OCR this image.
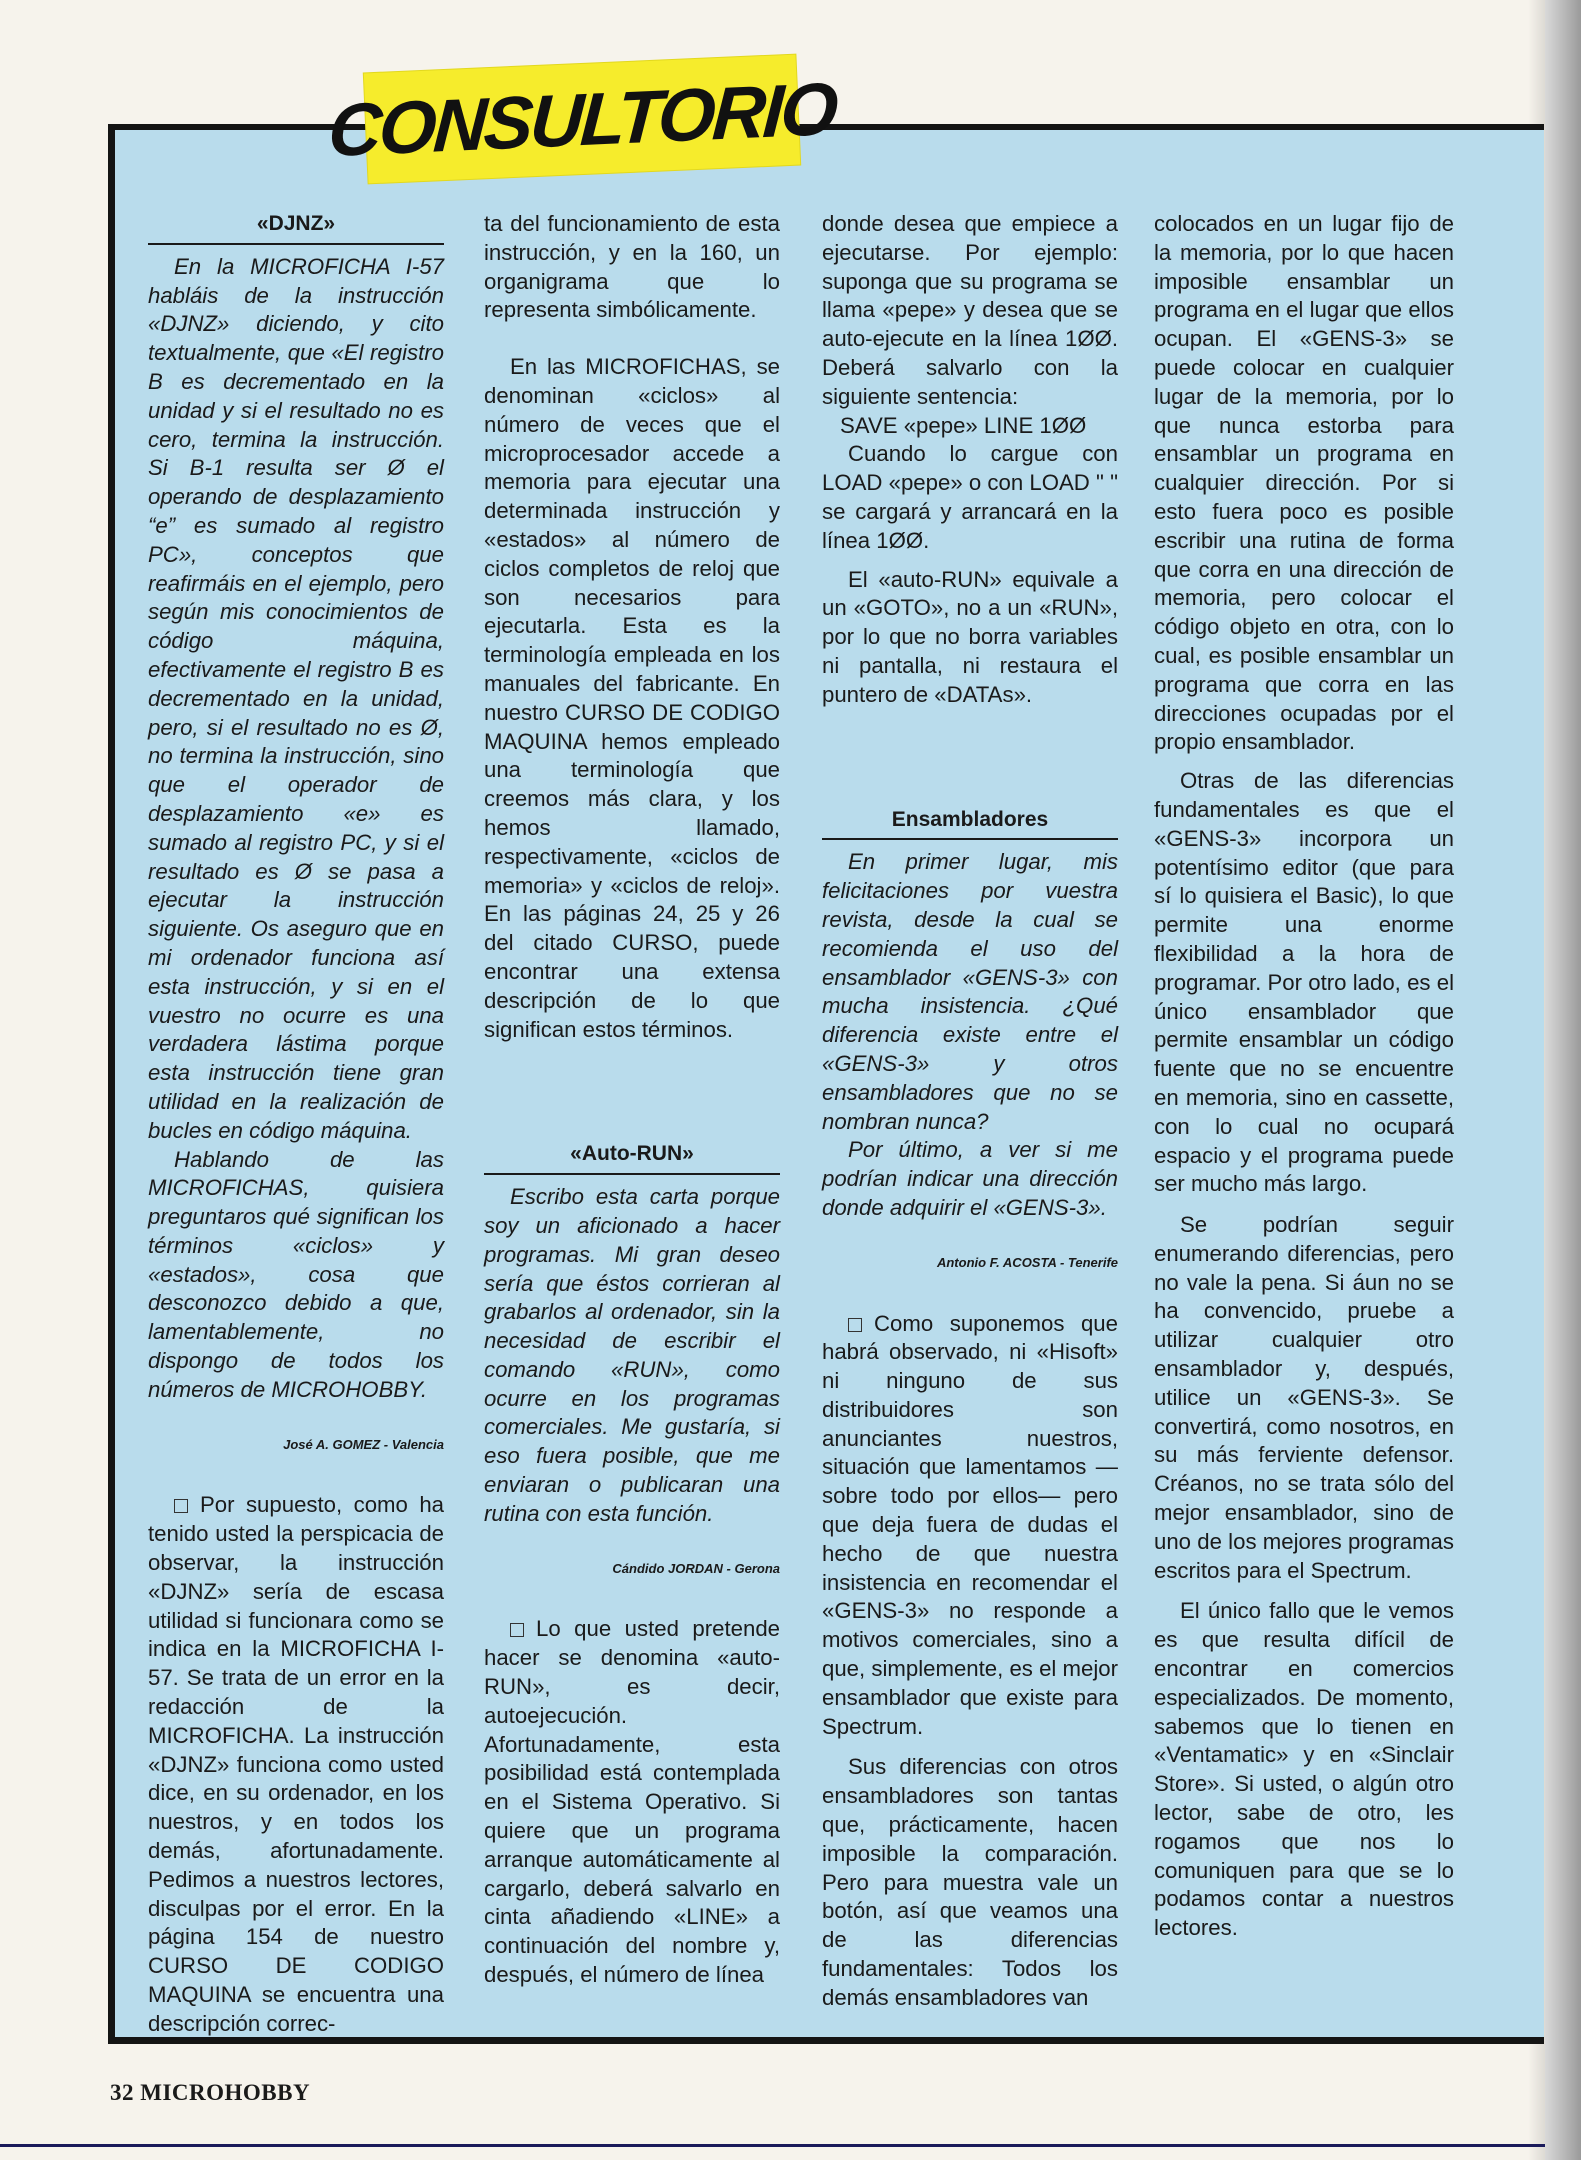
CONSULTORIO
«DJNZ»

En la MICROFICHA I-57 habláis de la instrucción «DJNZ» diciendo, y cito textualmente, que «El registro B es decrementado en la unidad y si el resultado no es cero, termina la instrucción. Si B-1 resulta ser Ø el operando de desplazamiento “e” es sumado al registro PC», conceptos que reafirmáis en el ejemplo, pero según mis conocimientos de código máquina, efectivamente el registro B es decrementado en la unidad, pero, si el resultado no es Ø, no termina la instrucción, sino que el operador de desplazamiento «e» es sumado al registro PC, y si el resultado es Ø se pasa a ejecutar la instrucción siguiente. Os aseguro que en mi ordenador funciona así esta instrucción, y si en el vuestro no ocurre es una verdadera lástima porque esta instrucción tiene gran utilidad en la realización de bucles en código máquina.

Hablando de las MICROFICHAS, quisiera preguntaros qué significan los términos «ciclos» y «estados», cosa que desconozco debido a que, lamentablemente, no dispongo de todos los números de MICROHOBBY.

José A. GOMEZ - Valencia

Por supuesto, como ha tenido usted la perspicacia de observar, la instrucción «DJNZ» sería de escasa utilidad si funcionara como se indica en la MICROFICHA I-57. Se trata de un error en la redacción de la MICROFICHA. La instrucción «DJNZ» funciona como usted dice, en su ordenador, en los nuestros, y en todos los demás, afortunadamente. Pedimos a nuestros lectores, disculpas por el error. En la página 154 de nuestro CURSO DE CODIGO MAQUINA se encuentra una descripción correc-

ta del funcionamiento de esta instrucción, y en la 160, un organigrama que lo representa simbólicamente.

En las MICROFICHAS, se denominan «ciclos» al número de veces que el microprocesador accede a memoria para ejecutar una determinada instrucción y «estados» al número de ciclos completos de reloj que son necesarios para ejecutarla. Esta es la terminología empleada en los manuales del fabricante. En nuestro CURSO DE CODIGO MAQUINA hemos empleado una terminología que creemos más clara, y los hemos llamado, respectivamente, «ciclos de memoria» y «ciclos de reloj». En las páginas 24, 25 y 26 del citado CURSO, puede encontrar una extensa descripción de lo que significan estos términos.

«Auto-RUN»

Escribo esta carta porque soy un aficionado a hacer programas. Mi gran deseo sería que éstos corrieran al grabarlos al ordenador, sin la necesidad de escribir el comando «RUN», como ocurre en los programas comerciales. Me gustaría, si eso fuera posible, que me enviaran o publicaran una rutina con esta función.

Cándido JORDAN - Gerona

Lo que usted pretende hacer se denomina «auto-RUN», es decir, autoejecución. Afortunadamente, esta posibilidad está contemplada en el Sistema Operativo. Si quiere que un programa arranque automáticamente al cargarlo, deberá salvarlo en cinta añadiendo «LINE» a continuación del nombre y, después, el número de línea

donde desea que empiece a ejecutarse. Por ejemplo: suponga que su programa se llama «pepe» y desea que se auto-ejecute en la línea 1ØØ. Deberá salvarlo con la siguiente sentencia:

SAVE «pepe» LINE 1ØØ

Cuando lo cargue con LOAD «pepe» o con LOAD " " se cargará y arrancará en la línea 1ØØ.

El «auto-RUN» equivale a un «GOTO», no a un «RUN», por lo que no borra variables ni pantalla, ni restaura el puntero de «DATAs».

Ensambladores

En primer lugar, mis felicitaciones por vuestra revista, desde la cual se recomienda el uso del ensamblador «GENS-3» con mucha insistencia. ¿Qué diferencia existe entre el «GENS-3» y otros ensambladores que no se nombran nunca?

Por último, a ver si me podrían indicar una dirección donde adquirir el «GENS-3».

Antonio F. ACOSTA - Tenerife

Como suponemos que habrá observado, ni «Hisoft» ni ninguno de sus distribuidores son anunciantes nuestros, situación que lamentamos —sobre todo por ellos— pero que deja fuera de dudas el hecho de que nuestra insistencia en recomendar el «GENS-3» no responde a motivos comerciales, sino a que, simplemente, es el mejor ensamblador que existe para Spectrum.

Sus diferencias con otros ensambladores son tantas que, prácticamente, hacen imposible la comparación. Pero para muestra vale un botón, así que veamos una de las diferencias fundamentales: Todos los demás ensambladores van

colocados en un lugar fijo de la memoria, por lo que hacen imposible ensamblar un programa en el lugar que ellos ocupan. El «GENS-3» se puede colocar en cualquier lugar de la memoria, por lo que nunca estorba para ensamblar un programa en cualquier dirección. Por si esto fuera poco es posible escribir una rutina de forma que corra en una dirección de memoria, pero colocar el código objeto en otra, con lo cual, es posible ensamblar un programa que corra en las direcciones ocupadas por el propio ensamblador.

Otras de las diferencias fundamentales es que el «GENS-3» incorpora un potentísimo editor (que para sí lo quisiera el Basic), lo que permite una enorme flexibilidad a la hora de programar. Por otro lado, es el único ensamblador que permite ensamblar un código fuente que no se encuentre en memoria, sino en cassette, con lo cual no ocupará espacio y el programa puede ser mucho más largo.

Se podrían seguir enumerando diferencias, pero no vale la pena. Si áun no se ha convencido, pruebe a utilizar cualquier otro ensamblador y, después, utilice un «GENS-3». Se convertirá, como nosotros, en su más ferviente defensor. Créanos, no se trata sólo del mejor ensamblador, sino de uno de los mejores programas escritos para el Spectrum.

El único fallo que le vemos es que resulta difícil de encontrar en comercios especializados. De momento, sabemos que lo tienen en «Ventamatic» y en «Sinclair Store». Si usted, o algún otro lector, sabe de otro, les rogamos que nos lo comuniquen para que se lo podamos contar a nuestros lectores.

32 MICROHOBBY
